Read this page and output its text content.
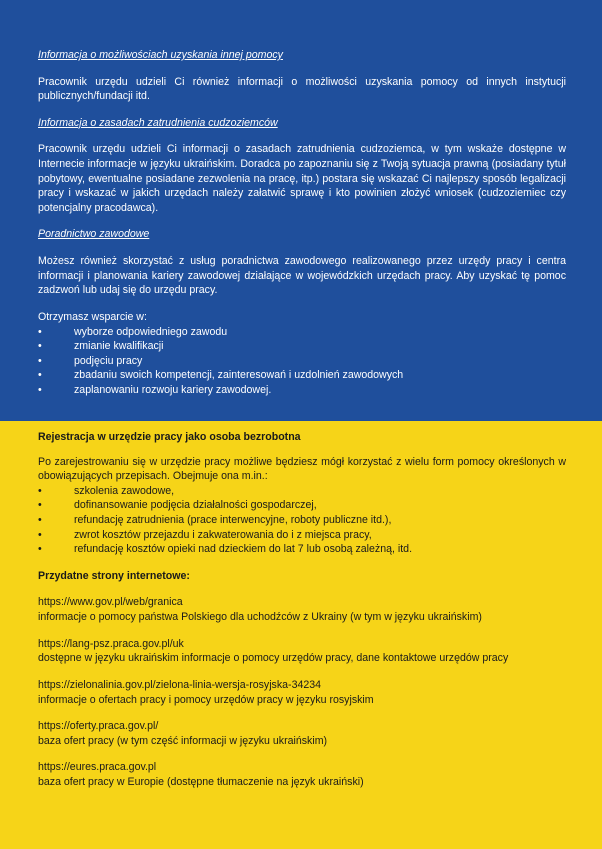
Informacja o możliwościach uzyskania innej pomocy
Pracownik urzędu udzieli Ci również informacji o możliwości uzyskania pomocy od innych instytucji publicznych/fundacji itd.
Informacja o zasadach zatrudnienia cudzoziemców
Pracownik urzędu udzieli Ci informacji o zasadach zatrudnienia cudzoziemca, w tym wskaże dostępne w Internecie informacje w języku ukraińskim. Doradca po zapoznaniu się z Twoją sytuacja prawną (posiadany tytuł pobytowy, ewentualne posiadane zezwolenia na pracę, itp.) postara się wskazać Ci najlepszy sposób legalizacji pracy i wskazać w jakich urzędach należy załatwić sprawę i kto powinien złożyć wniosek (cudzoziemiec czy potencjalny pracodawca).
Poradnictwo zawodowe
Możesz również skorzystać z usług poradnictwa zawodowego realizowanego przez urzędy pracy i centra informacji i planowania kariery zawodowej działające w wojewódzkich urzędach pracy. Aby uzyskać tę pomoc zadzwoń lub udaj się do urzędu pracy.
Otrzymasz wsparcie w:
• wyborze odpowiedniego zawodu
• zmianie kwalifikacji
• podjęciu pracy
• zbadaniu swoich kompetencji, zainteresowań i uzdolnień zawodowych
• zaplanowaniu rozwoju kariery zawodowej.
Rejestracja w urzędzie pracy jako osoba bezrobotna
Po zarejestrowaniu się w urzędzie pracy możliwe będziesz mógł korzystać z wielu form pomocy określonych w obowiązujących przepisach. Obejmuje ona m.in.:
• szkolenia zawodowe,
• dofinansowanie podjęcia działalności gospodarczej,
• refundację zatrudnienia (prace interwencyjne, roboty publiczne itd.),
• zwrot kosztów przejazdu i zakwaterowania do i z miejsca pracy,
• refundację kosztów opieki nad dzieckiem do lat 7 lub osobą zależną, itd.
Przydatne strony internetowe:
https://www.gov.pl/web/granica
informacje o pomocy państwa Polskiego dla uchodźców z Ukrainy (w tym w języku ukraińskim)
https://lang-psz.praca.gov.pl/uk
dostępne w języku ukraińskim informacje o pomocy urzędów pracy, dane kontaktowe urzędów pracy
https://zielonalinia.gov.pl/zielona-linia-wersja-rosyjska-34234
informacje o ofertach pracy i pomocy urzędów pracy w języku rosyjskim
https://oferty.praca.gov.pl/
baza ofert pracy (w tym część informacji w języku ukraińskim)
https://eures.praca.gov.pl
baza ofert pracy w Europie (dostępne tłumaczenie na język ukraiński)
